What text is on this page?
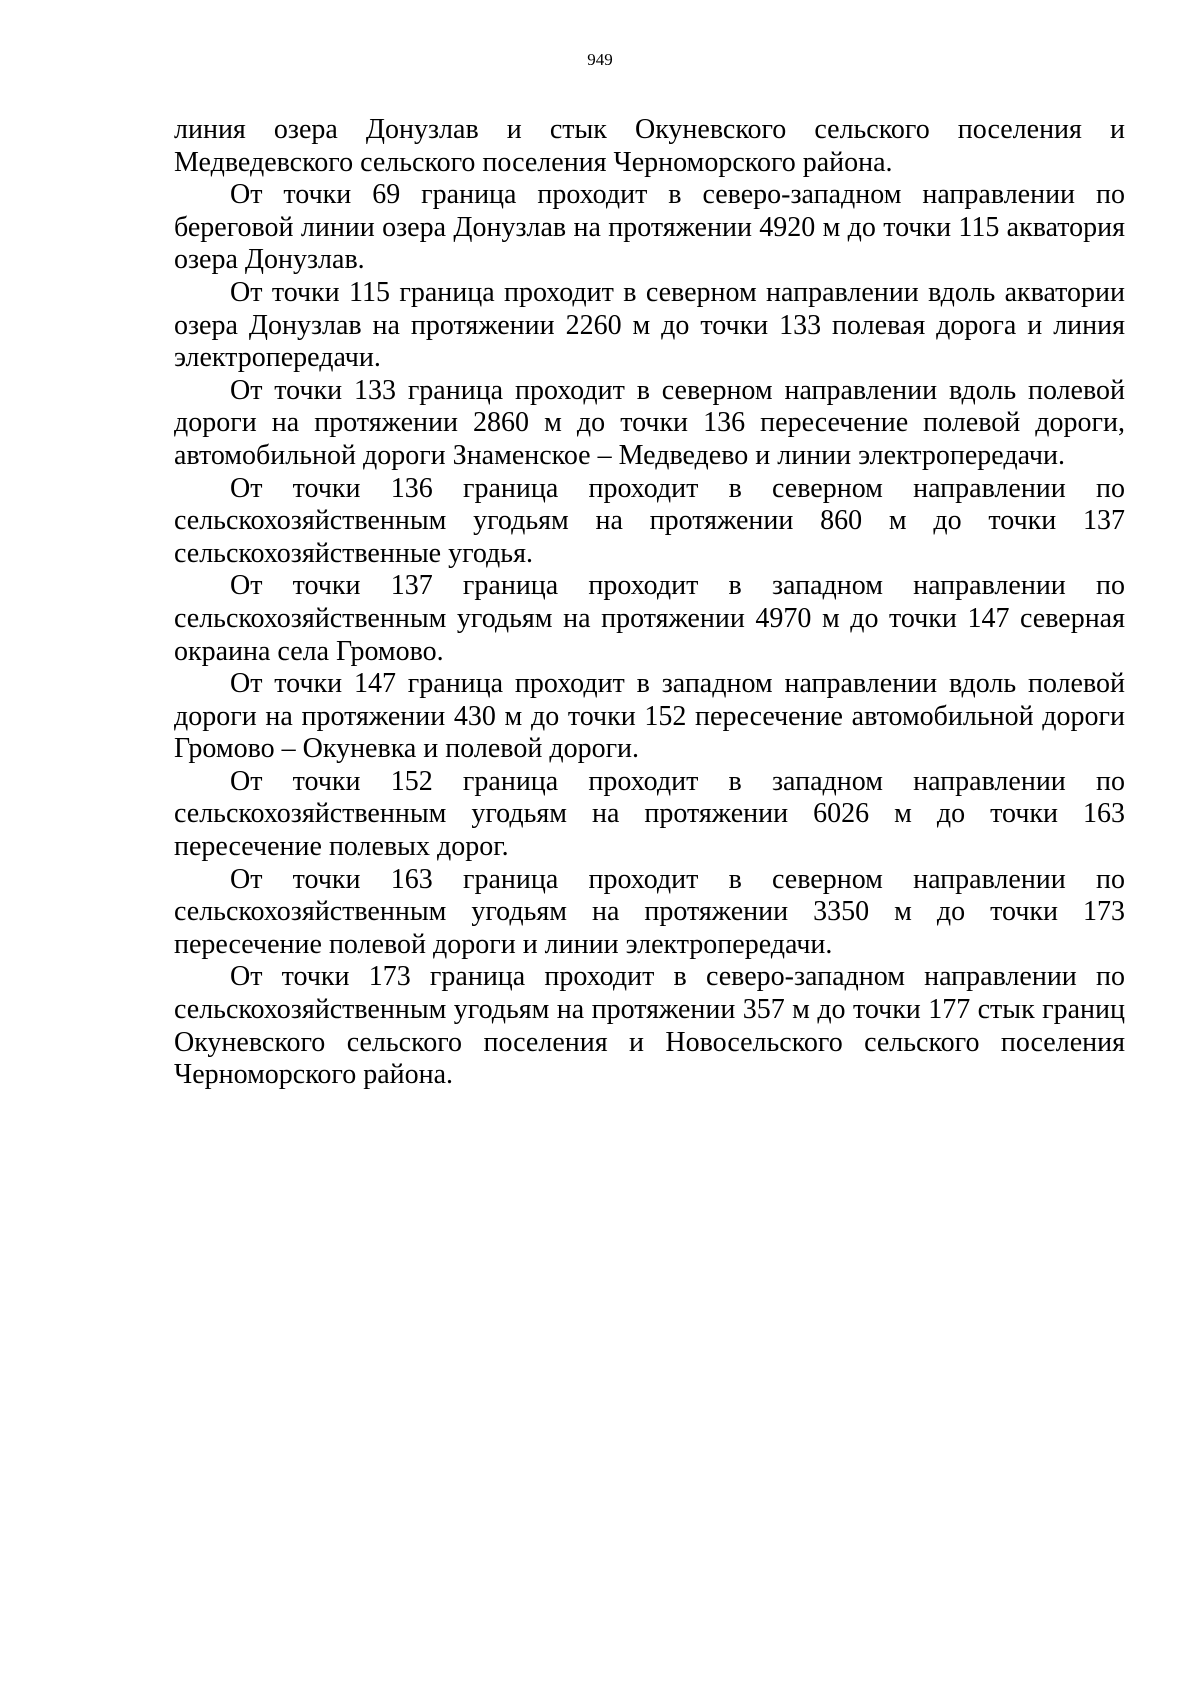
949

линия озера Донузлав и стык Окуневского сельского поселения и Медведевского сельского поселения Черноморского района.

От точки 69 граница проходит в северо-западном направлении по береговой линии озера Донузлав на протяжении 4920 м до точки 115 акватория озера Донузлав.

От точки 115 граница проходит в северном направлении вдоль акватории озера Донузлав на протяжении 2260 м до точки 133 полевая дорога и линия электропередачи.

От точки 133 граница проходит в северном направлении вдоль полевой дороги на протяжении 2860 м до точки 136 пересечение полевой дороги, автомобильной дороги Знаменское – Медведево и линии электропередачи.

От точки 136 граница проходит в северном направлении по сельскохозяйственным угодьям на протяжении 860 м до точки 137 сельскохозяйственные угодья.

От точки 137 граница проходит в западном направлении по сельскохозяйственным угодьям на протяжении 4970 м до точки 147 северная окраина села Громово.

От точки 147 граница проходит в западном направлении вдоль полевой дороги на протяжении 430 м до точки 152 пересечение автомобильной дороги Громово – Окуневка и полевой дороги.

От точки 152 граница проходит в западном направлении по сельскохозяйственным угодьям на протяжении 6026 м до точки 163 пересечение полевых дорог.

От точки 163 граница проходит в северном направлении по сельскохозяйственным угодьям на протяжении 3350 м до точки 173 пересечение полевой дороги и линии электропередачи.

От точки 173 граница проходит в северо-западном направлении по сельскохозяйственным угодьям на протяжении 357 м до точки 177 стык границ Окуневского сельского поселения и Новосельского сельского поселения Черноморского района.
